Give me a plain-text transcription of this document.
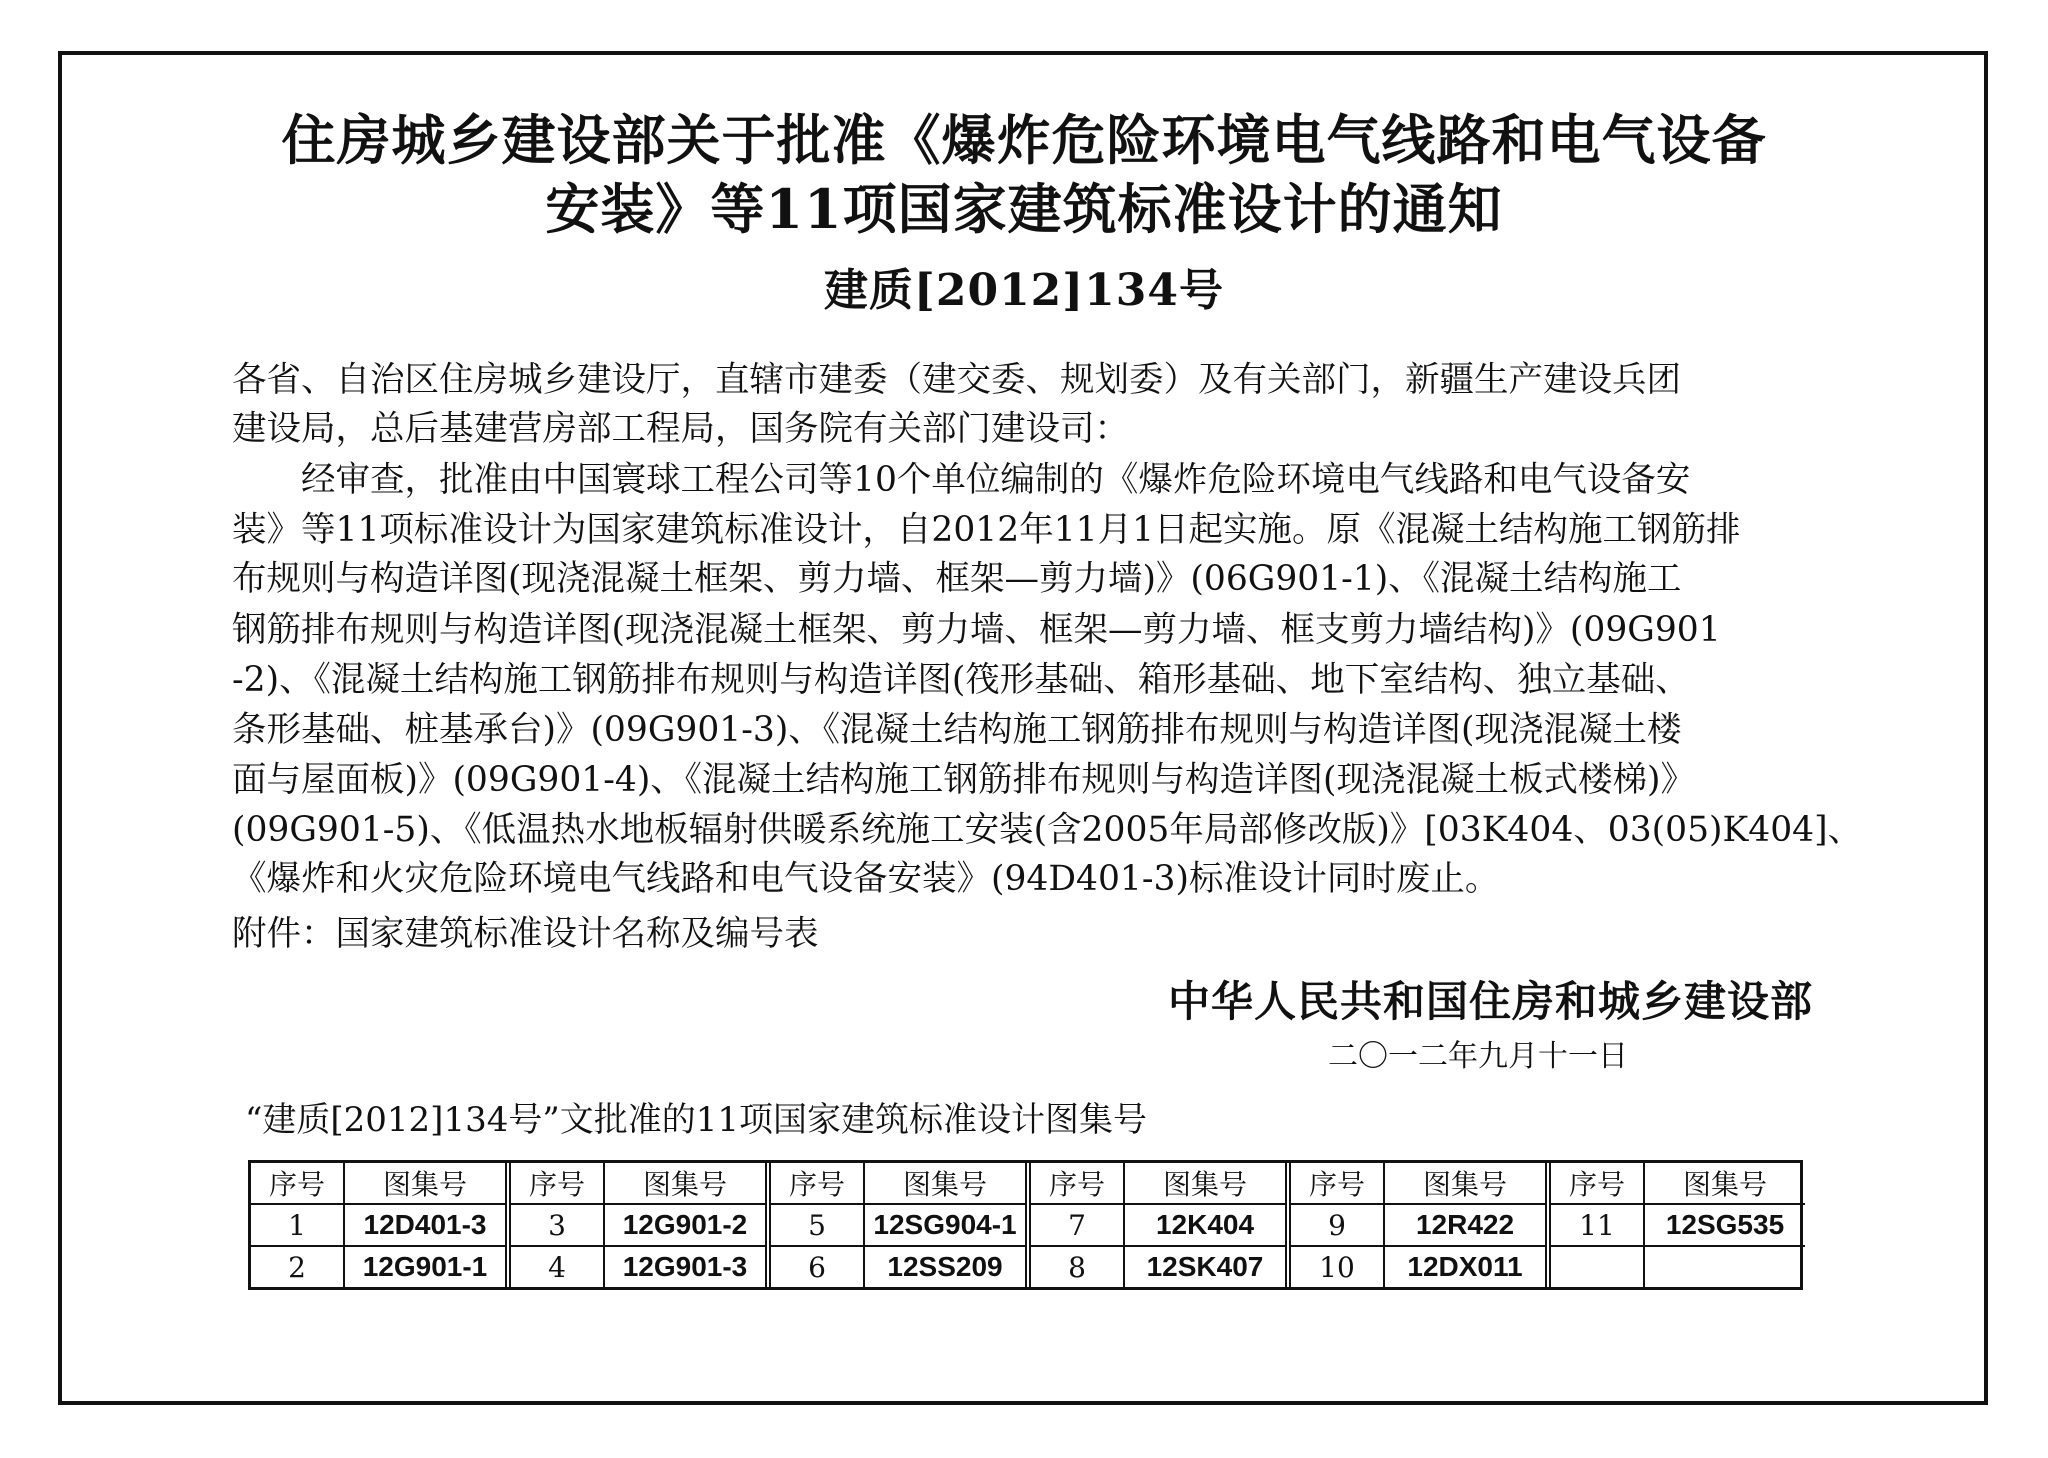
住房城乡建设部关于批准《爆炸危险环境电气线路和电气设备
安装》等11项国家建筑标准设计的通知
建质[2012]134号
各省、自治区住房城乡建设厅，直辖市建委（建交委、规划委）及有关部门，新疆生产建设兵团
建设局，总后基建营房部工程局，国务院有关部门建设司：
　　经审查，批准由中国寰球工程公司等10个单位编制的《爆炸危险环境电气线路和电气设备安
装》等11项标准设计为国家建筑标准设计，自2012年11月1日起实施。原《混凝土结构施工钢筋排
布规则与构造详图(现浇混凝土框架、剪力墙、框架—剪力墙)》(06G901-1)、《混凝土结构施工
钢筋排布规则与构造详图(现浇混凝土框架、剪力墙、框架—剪力墙、框支剪力墙结构)》(09G901
-2)、《混凝土结构施工钢筋排布规则与构造详图(筏形基础、箱形基础、地下室结构、独立基础、
条形基础、桩基承台)》(09G901-3)、《混凝土结构施工钢筋排布规则与构造详图(现浇混凝土楼
面与屋面板)》(09G901-4)、《混凝土结构施工钢筋排布规则与构造详图(现浇混凝土板式楼梯)》
(09G901-5)、《低温热水地板辐射供暖系统施工安装(含2005年局部修改版)》[03K404、03(05)K404]、
《爆炸和火灾危险环境电气线路和电气设备安装》(94D401-3)标准设计同时废止。
附件：国家建筑标准设计名称及编号表
中华人民共和国住房和城乡建设部
二〇一二年九月十一日
“建质[2012]134号”文批准的11项国家建筑标准设计图集号
序号
1
2
图集号
12D401-3
12G901-1
序号
3
4
图集号
12G901-2
12G901-3
序号
5
6
图集号
12SG904-1
12SS209
序号
7
8
图集号
12K404
12SK407
序号
9
10
图集号
12R422
12DX011
序号
11
图集号
12SG535
